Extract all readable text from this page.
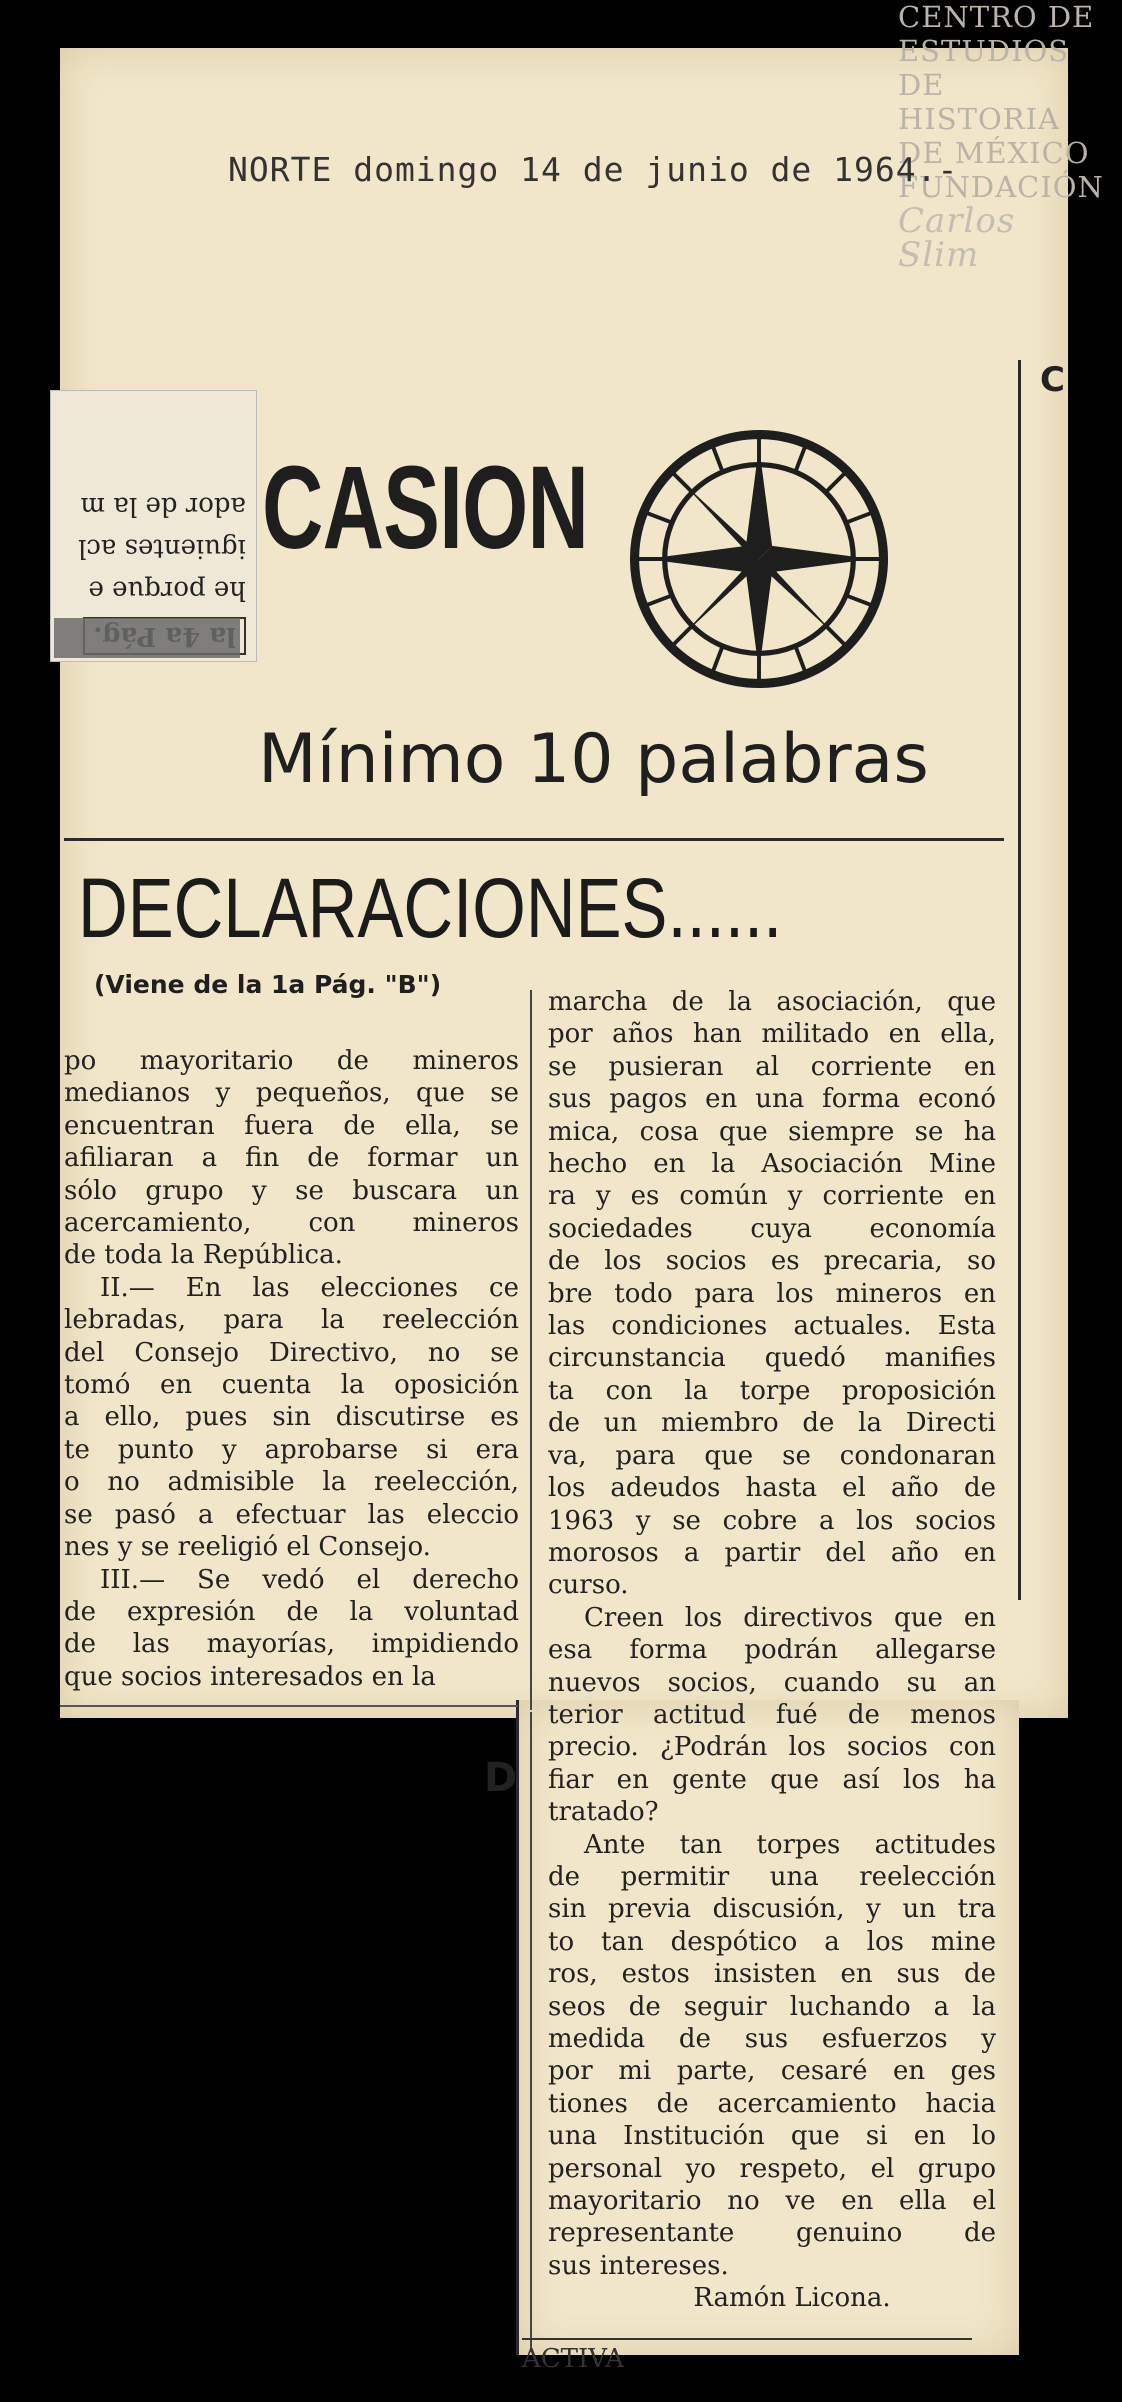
CENTRO DE
ESTUDIOS
DE HISTORIA
DE MÉXICO
FUNDACIÓN
Carlos Slim
NORTE domingo 14 de junio de 1964.-
he porque e
iguientes acl
ador de la m CASION
Mínimo 10 palabras
C
DECLARACIONES......
(Viene de la 1a Pág. "B")
po mayoritario de mineros
medianos y pequeños, que se
encuentran fuera de ella, se
afiliaran a fin de formar un
sólo grupo y se buscara un
acercamiento, con mineros
de toda la República.
II.— En las elecciones ce
lebradas, para la reelección
del Consejo Directivo, no se
tomó en cuenta la oposición
a ello, pues sin discutirse es
te punto y aprobarse si era
o no admisible la reelección,
se pasó a efectuar las eleccio
nes y se reeligió el Consejo.
III.— Se vedó el derecho
de expresión de la voluntad
de las mayorías, impidiendo
que socios interesados en la
marcha de la asociación, que
por años han militado en ella,
se pusieran al corriente en
sus pagos en una forma econó
mica, cosa que siempre se ha
hecho en la Asociación Mine
ra y es común y corriente en
sociedades cuya economía
de los socios es precaria, so
bre todo para los mineros en
las condiciones actuales. Esta
circunstancia quedó manifies
ta con la torpe proposición
de un miembro de la Directi
va, para que se condonaran
los adeudos hasta el año de
1963 y se cobre a los socios
morosos a partir del año en
curso.
Creen los directivos que en
esa forma podrán allegarse
nuevos socios, cuando su an
terior actitud fué de menos
precio. ¿Podrán los socios con
fiar en gente que así los ha
tratado?
Ante tan torpes actitudes
de permitir una reelección
sin previa discusión, y un tra
to tan despótico a los mine
ros, estos insisten en sus de
seos de seguir luchando a la
medida de sus esfuerzos y
por mi parte, cesaré en ges
tiones de acercamiento hacia
una Institución que si en lo
personal yo respeto, el grupo
mayoritario no ve en ella el
representante genuino de
sus intereses.
Ramón Licona.
D
ACTIVA
